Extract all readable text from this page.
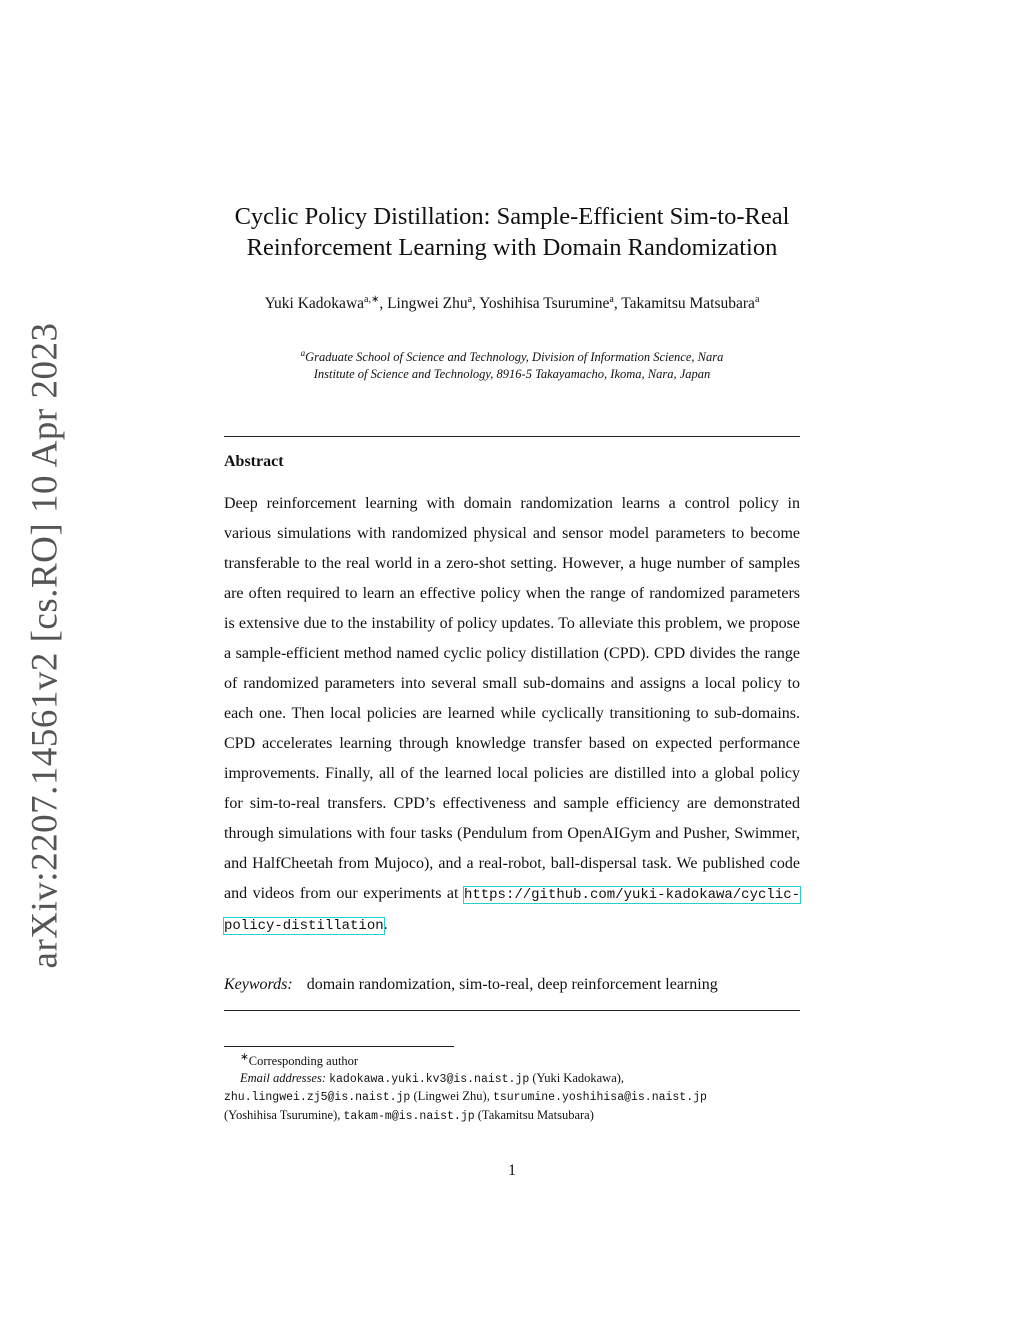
arXiv:2207.14561v2 [cs.RO] 10 Apr 2023
Cyclic Policy Distillation: Sample-Efficient Sim-to-Real
Reinforcement Learning with Domain Randomization
Yuki Kadokawa$^{a,∗}$, Lingwei Zhu$^a$, Yoshihisa Tsurumine$^a$, Takamitsu Matsubara$^a$
$^a$Graduate School of Science and Technology, Division of Information Science, Nara
Institute of Science and Technology, 8916-5 Takayamacho, Ikoma, Nara, Japan
Abstract

Deep reinforcement learning with domain randomization learns a control policy in various simulations with randomized physical and sensor model parameters to become transferable to the real world in a zero-shot setting. However, a huge number of samples are often required to learn an effective policy when the range of randomized parameters is extensive due to the instability of policy updates. To alleviate this problem, we propose a sample-efficient method named cyclic policy distillation (CPD). CPD divides the range of randomized parameters into several small sub-domains and assigns a local policy to each one. Then local policies are learned while cyclically transitioning to sub-domains. CPD accelerates learning through knowledge transfer based on expected performance improvements. Finally, all of the learned local policies are distilled into a global policy for sim-to-real transfers. CPD’s effectiveness and sample efficiency are demonstrated through simulations with four tasks (Pendulum from OpenAIGym and Pusher, Swimmer, and HalfCheetah from Mujoco), and a real-robot, ball-dispersal task. We published code and videos from our experiments at https://github.com/yuki-kadokawa/cyclic-policy-distillation.

Keywords: domain randomization, sim-to-real, deep reinforcement learning
∗Corresponding author
Email addresses: kadokawa.yuki.kv3@is.naist.jp (Yuki Kadokawa),
zhu.lingwei.zj5@is.naist.jp (Lingwei Zhu), tsurumine.yoshihisa@is.naist.jp
(Yoshihisa Tsurumine), takam-m@is.naist.jp (Takamitsu Matsubara)
1
